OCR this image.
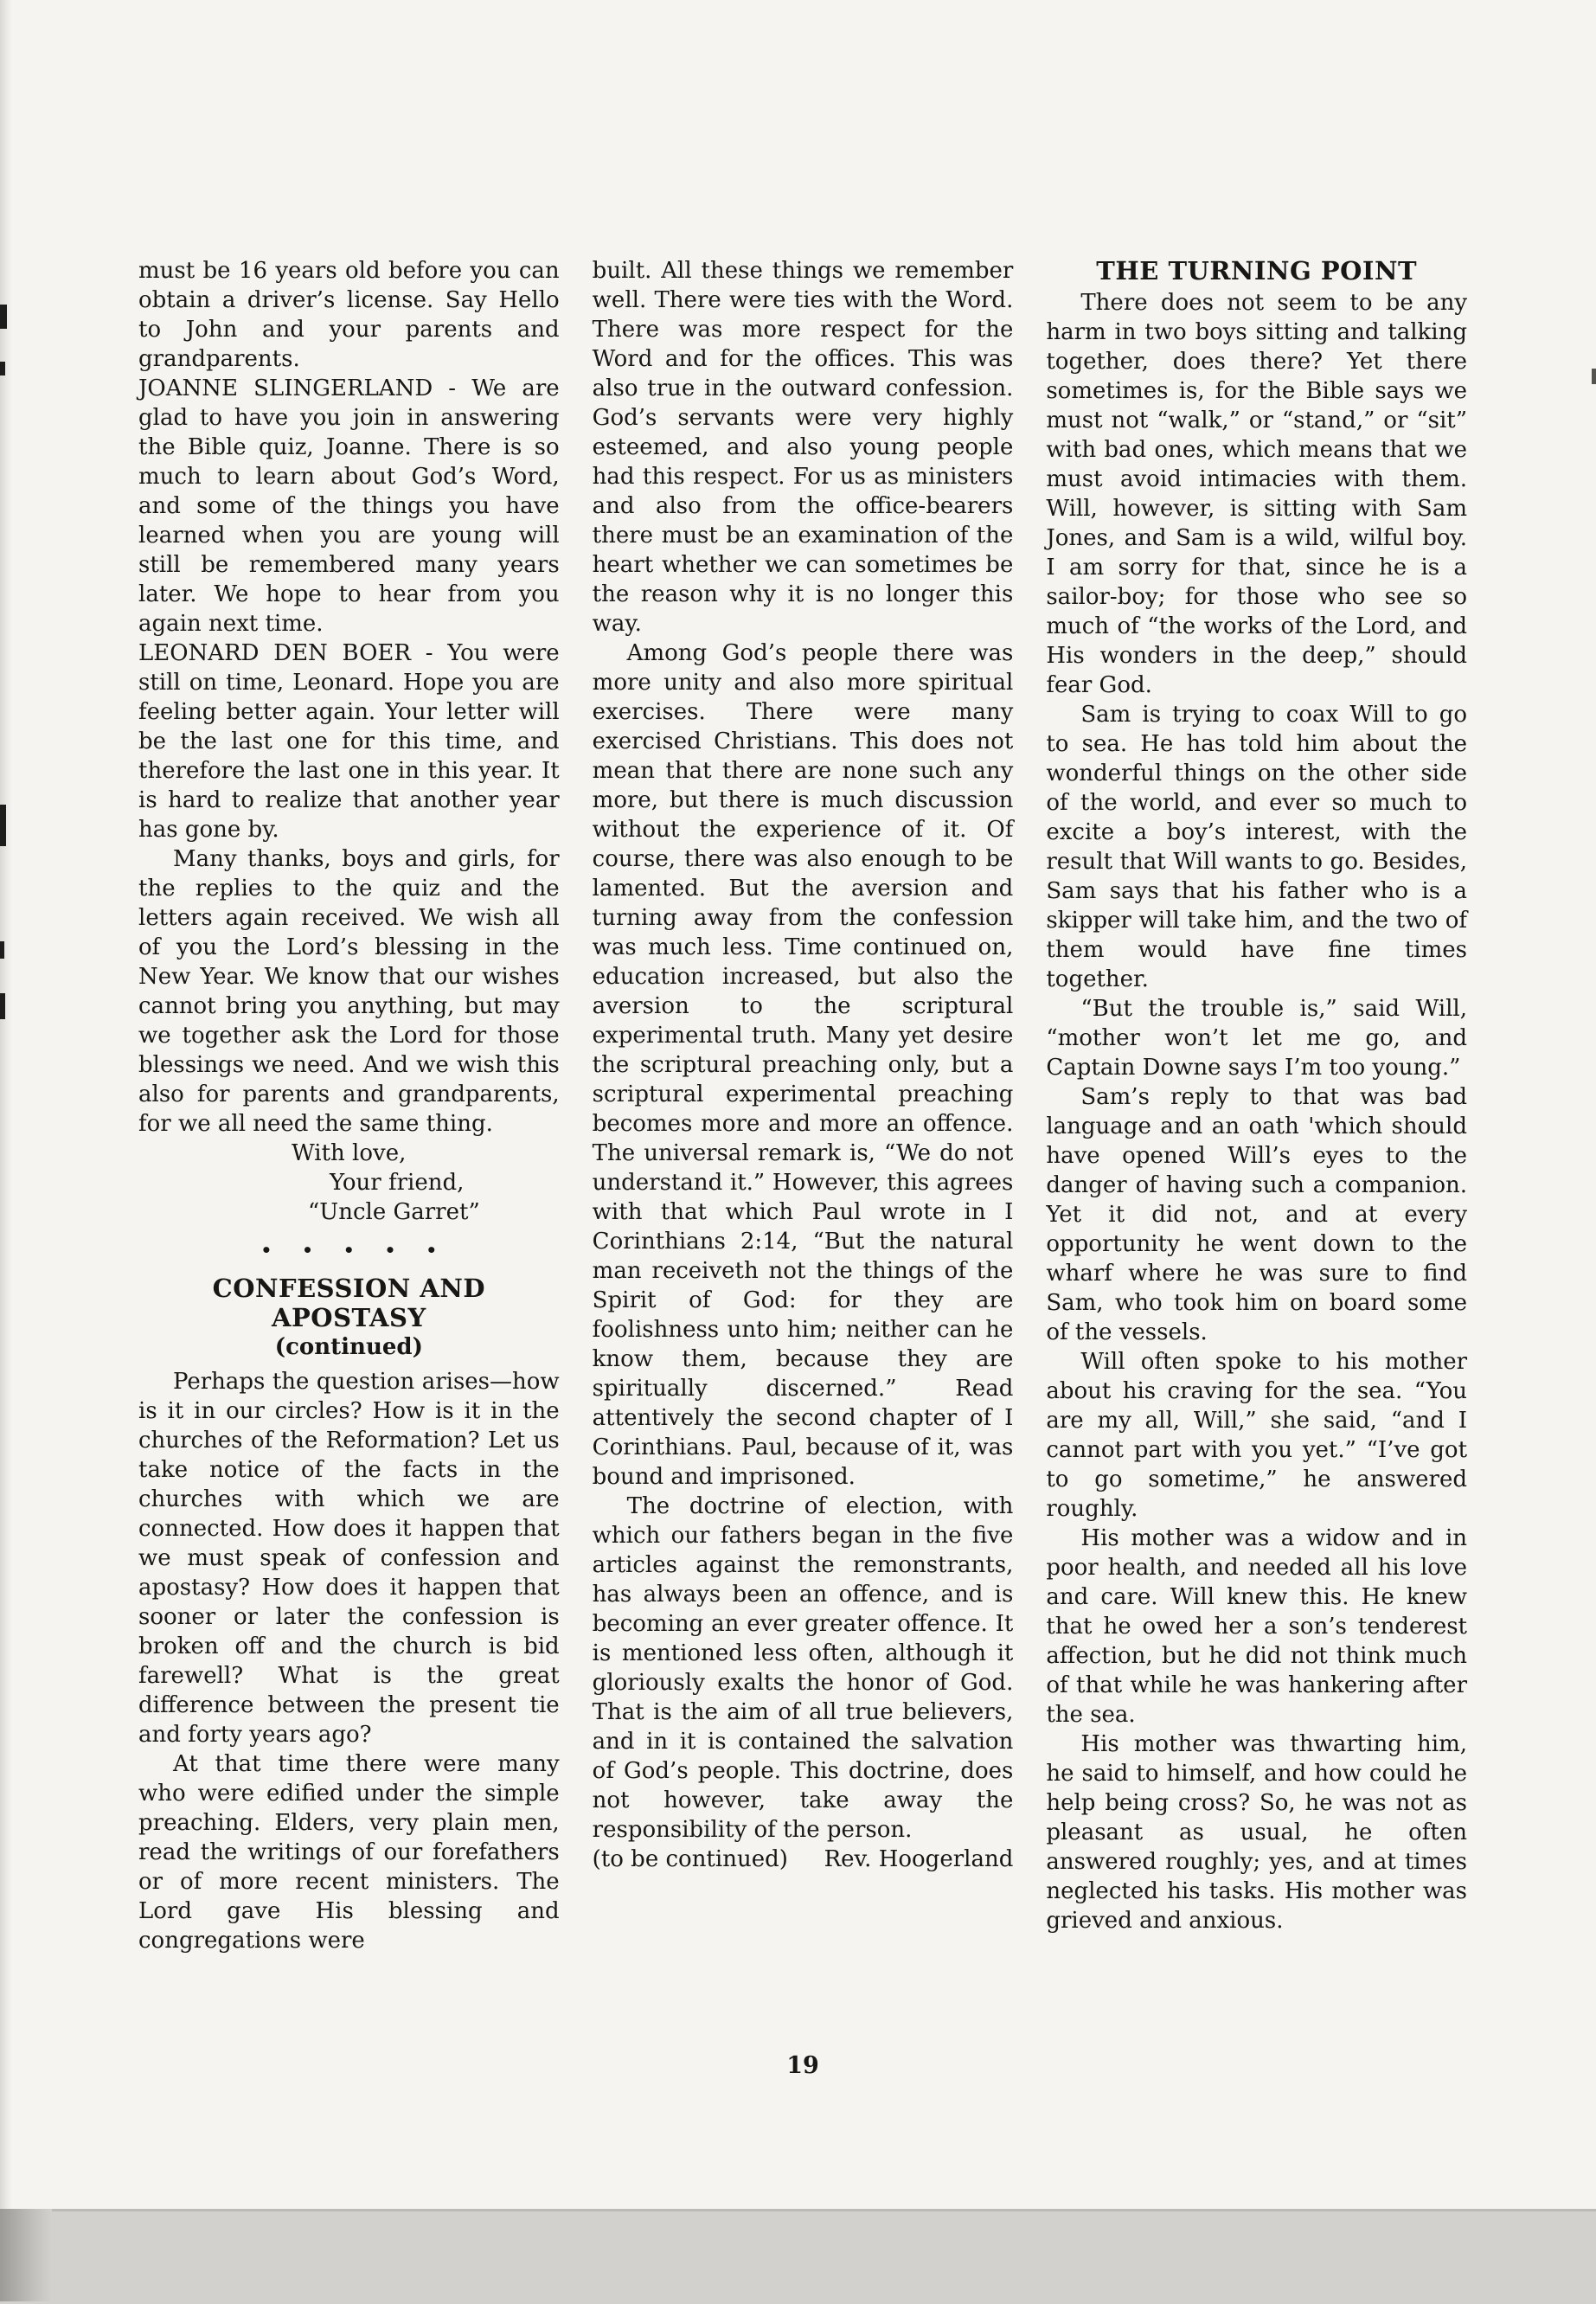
must be 16 years old before you can obtain a driver’s license. Say Hello to John and your parents and grandparents.

JOANNE SLINGERLAND - We are glad to have you join in answering the Bible quiz, Joanne. There is so much to learn about God’s Word, and some of the things you have learned when you are young will still be remembered many years later. We hope to hear from you again next time.

LEONARD DEN BOER - You were still on time, Leonard. Hope you are feeling better again. Your letter will be the last one for this time, and therefore the last one in this year. It is hard to realize that another year has gone by.

Many thanks, boys and girls, for the replies to the quiz and the letters again received. We wish all of you the Lord’s blessing in the New Year. We know that our wishes cannot bring you anything, but may we together ask the Lord for those blessings we need. And we wish this also for parents and grandparents, for we all need the same thing.

With love,

Your friend,

“Uncle Garret”

• • • • •

CONFESSION AND APOSTASY

(continued)

Perhaps the question arises—how is it in our circles? How is it in the churches of the Reformation? Let us take notice of the facts in the churches with which we are connected. How does it happen that we must speak of confession and apostasy? How does it happen that sooner or later the confession is broken off and the church is bid farewell? What is the great difference between the present tie and forty years ago?

At that time there were many who were edified under the simple preaching. Elders, very plain men, read the writings of our forefathers or of more recent ministers. The Lord gave His blessing and congregations were

built. All these things we remember well. There were ties with the Word. There was more respect for the Word and for the offices. This was also true in the outward confession. God’s servants were very highly esteemed, and also young people had this respect. For us as ministers and also from the office-bearers there must be an examination of the heart whether we can sometimes be the reason why it is no longer this way.

Among God’s people there was more unity and also more spiritual exercises. There were many exercised Christians. This does not mean that there are none such any more, but there is much discussion without the experience of it. Of course, there was also enough to be lamented. But the aversion and turning away from the confession was much less. Time continued on, education increased, but also the aversion to the scriptural experimental truth. Many yet desire the scriptural preaching only, but a scriptural experimental preaching becomes more and more an offence. The universal remark is, “We do not understand it.” However, this agrees with that which Paul wrote in I Corinthians 2:14, “But the natural man receiveth not the things of the Spirit of God: for they are foolishness unto him; neither can he know them, because they are spiritually discerned.” Read attentively the second chapter of I Corinthians. Paul, because of it, was bound and imprisoned.

The doctrine of election, with which our fathers began in the five articles against the remonstrants, has always been an offence, and is becoming an ever greater offence. It is mentioned less often, although it gloriously exalts the honor of God. That is the aim of all true believers, and in it is contained the salvation of God’s people. This doctrine, does not however, take away the responsibility of the person.

(to be continued) Rev. Hoogerland

THE TURNING POINT

There does not seem to be any harm in two boys sitting and talking together, does there? Yet there sometimes is, for the Bible says we must not “walk,” or “stand,” or “sit” with bad ones, which means that we must avoid intimacies with them. Will, however, is sitting with Sam Jones, and Sam is a wild, wilful boy. I am sorry for that, since he is a sailor-boy; for those who see so much of “the works of the Lord, and His wonders in the deep,” should fear God.

Sam is trying to coax Will to go to sea. He has told him about the wonderful things on the other side of the world, and ever so much to excite a boy’s interest, with the result that Will wants to go. Besides, Sam says that his father who is a skipper will take him, and the two of them would have fine times together.

“But the trouble is,” said Will, “mother won’t let me go, and Captain Downe says I’m too young.”

Sam’s reply to that was bad language and an oath 'which should have opened Will’s eyes to the danger of having such a companion. Yet it did not, and at every opportunity he went down to the wharf where he was sure to find Sam, who took him on board some of the vessels.

Will often spoke to his mother about his craving for the sea. “You are my all, Will,” she said, “and I cannot part with you yet.” “I’ve got to go sometime,” he answered roughly.

His mother was a widow and in poor health, and needed all his love and care. Will knew this. He knew that he owed her a son’s tenderest affection, but he did not think much of that while he was hankering after the sea.

His mother was thwarting him, he said to himself, and how could he help being cross? So, he was not as pleasant as usual, he often answered roughly; yes, and at times neglected his tasks. His mother was grieved and anxious.

19
